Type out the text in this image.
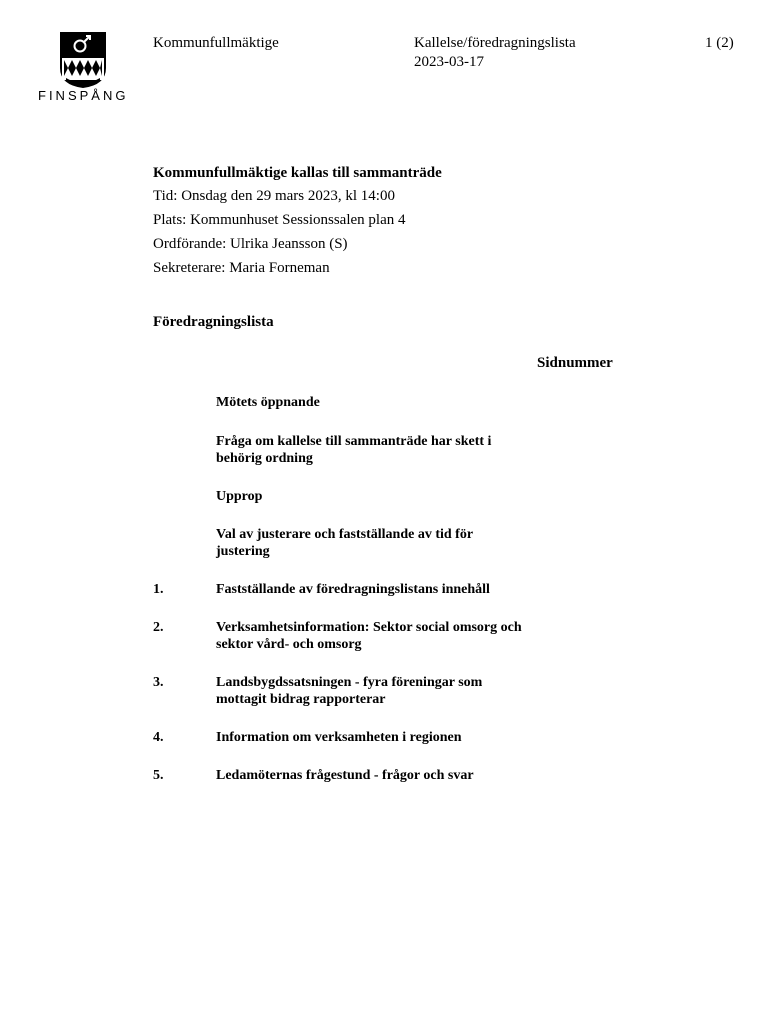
FINSPÅNG
Kommunfullmäktige	Kallelse/föredragningslista
2023-03-17
1 (2)
Kommunfullmäktige kallas till sammanträde
Tid: Onsdag den 29 mars 2023, kl 14:00
Plats: Kommunhuset Sessionssalen plan 4
Ordförande: Ulrika Jeansson (S)
Sekreterare: Maria Forneman
Föredragningslista
Sidnummer
Mötets öppnande
Fråga om kallelse till sammanträde har skett i behörig ordning
Upprop
Val av justerare och fastställande av tid för justering
1.	Fastställande av föredragningslistans innehåll
2.	Verksamhetsinformation: Sektor social omsorg och sektor vård- och omsorg
3.	Landsbygdssatsningen - fyra föreningar som mottagit bidrag rapporterar
4.	Information om verksamheten i regionen
5.	Ledamöternas frågestund - frågor och svar
